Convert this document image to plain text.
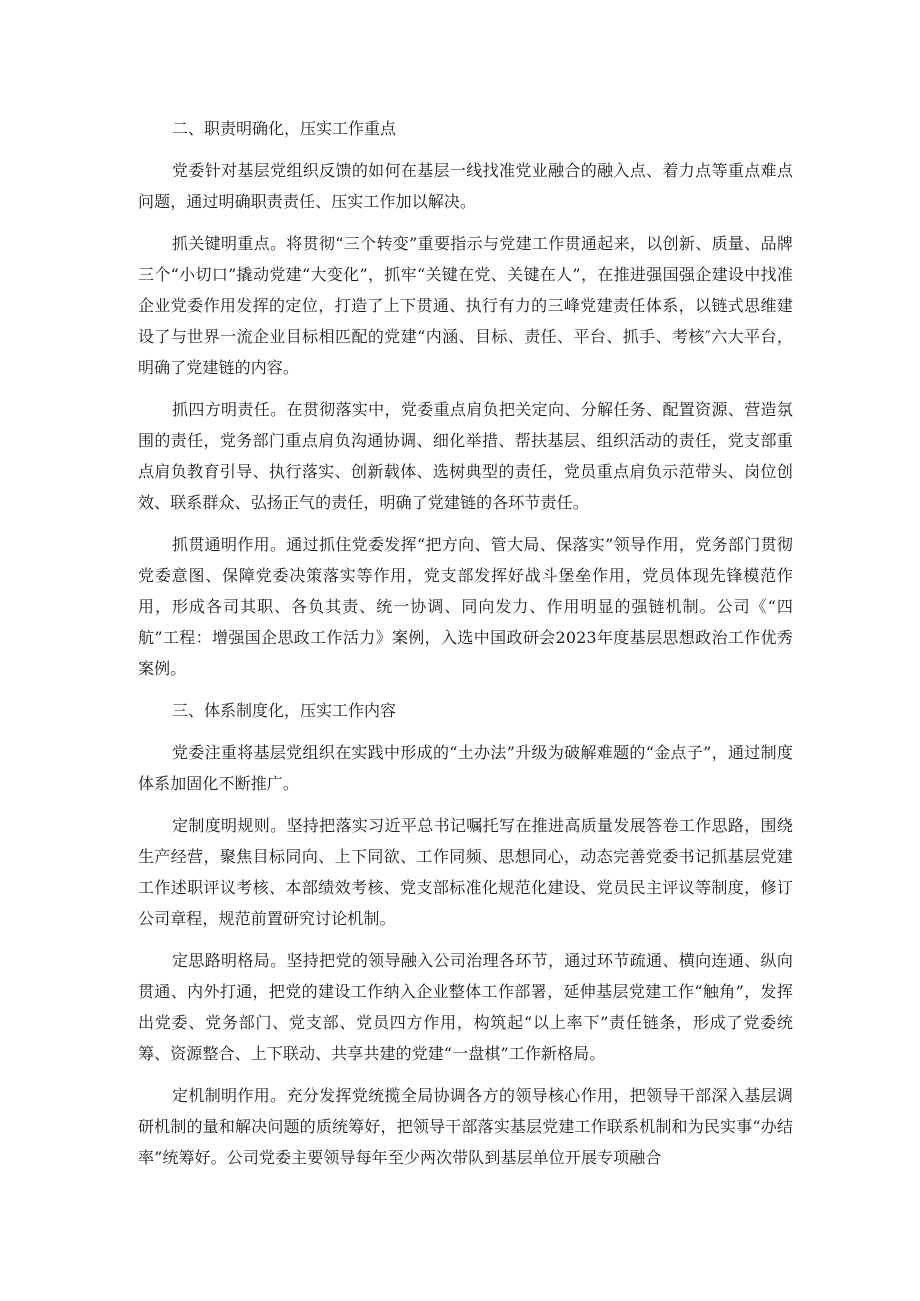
二、职责明确化，压实工作重点

党委针对基层党组织反馈的如何在基层一线找准党业融合的融入点、着力点等重点难点问题，通过明确职责责任、压实工作加以解决。

抓关键明重点。将贯彻“三个转变”重要指示与党建工作贯通起来，以创新、质量、品牌三个“小切口”撬动党建“大变化”，抓牢“关键在党、关键在人”，在推进强国强企建设中找准企业党委作用发挥的定位，打造了上下贯通、执行有力的三峰党建责任体系，以链式思维建设了与世界一流企业目标相匹配的党建“内涵、目标、责任、平台、抓手、考核″六大平台，明确了党建链的内容。

抓四方明责任。在贯彻落实中，党委重点肩负把关定向、分解任务、配置资源、营造氛围的责任，党务部门重点肩负沟通协调、细化举措、帮扶基层、组织活动的责任，党支部重点肩负教育引导、执行落实、创新载体、选树典型的责任，党员重点肩负示范带头、岗位创效、联系群众、弘扬正气的责任，明确了党建链的各环节责任。

抓贯通明作用。通过抓住党委发挥“把方向、管大局、保落实”领导作用，党务部门贯彻党委意图、保障党委决策落实等作用，党支部发挥好战斗堡垒作用，党员体现先锋模范作用，形成各司其职、各负其责、统一协调、同向发力、作用明显的强链机制。公司《“四航”工程：增强国企思政工作活力》案例，入选中国政研会2023年度基层思想政治工作优秀案例。

三、体系制度化，压实工作内容

党委注重将基层党组织在实践中形成的“土办法”升级为破解难题的“金点子”，通过制度体系加固化不断推广。

定制度明规则。坚持把落实习近平总书记嘱托写在推进高质量发展答卷工作思路，围绕生产经营，聚焦目标同向、上下同欲、工作同频、思想同心，动态完善党委书记抓基层党建工作述职评议考核、本部绩效考核、党支部标准化规范化建设、党员民主评议等制度，修订公司章程，规范前置研究讨论机制。

定思路明格局。坚持把党的领导融入公司治理各环节，通过环节疏通、横向连通、纵向贯通、内外打通，把党的建设工作纳入企业整体工作部署，延伸基层党建工作“触角”，发挥出党委、党务部门、党支部、党员四方作用，构筑起“以上率下”责任链条，形成了党委统筹、资源整合、上下联动、共享共建的党建“一盘棋”工作新格局。

定机制明作用。充分发挥党统揽全局协调各方的领导核心作用，把领导干部深入基层调研机制的量和解决问题的质统筹好，把领导干部落实基层党建工作联系机制和为民实事“办结率”统筹好。公司党委主要领导每年至少两次带队到基层单位开展专项融合
